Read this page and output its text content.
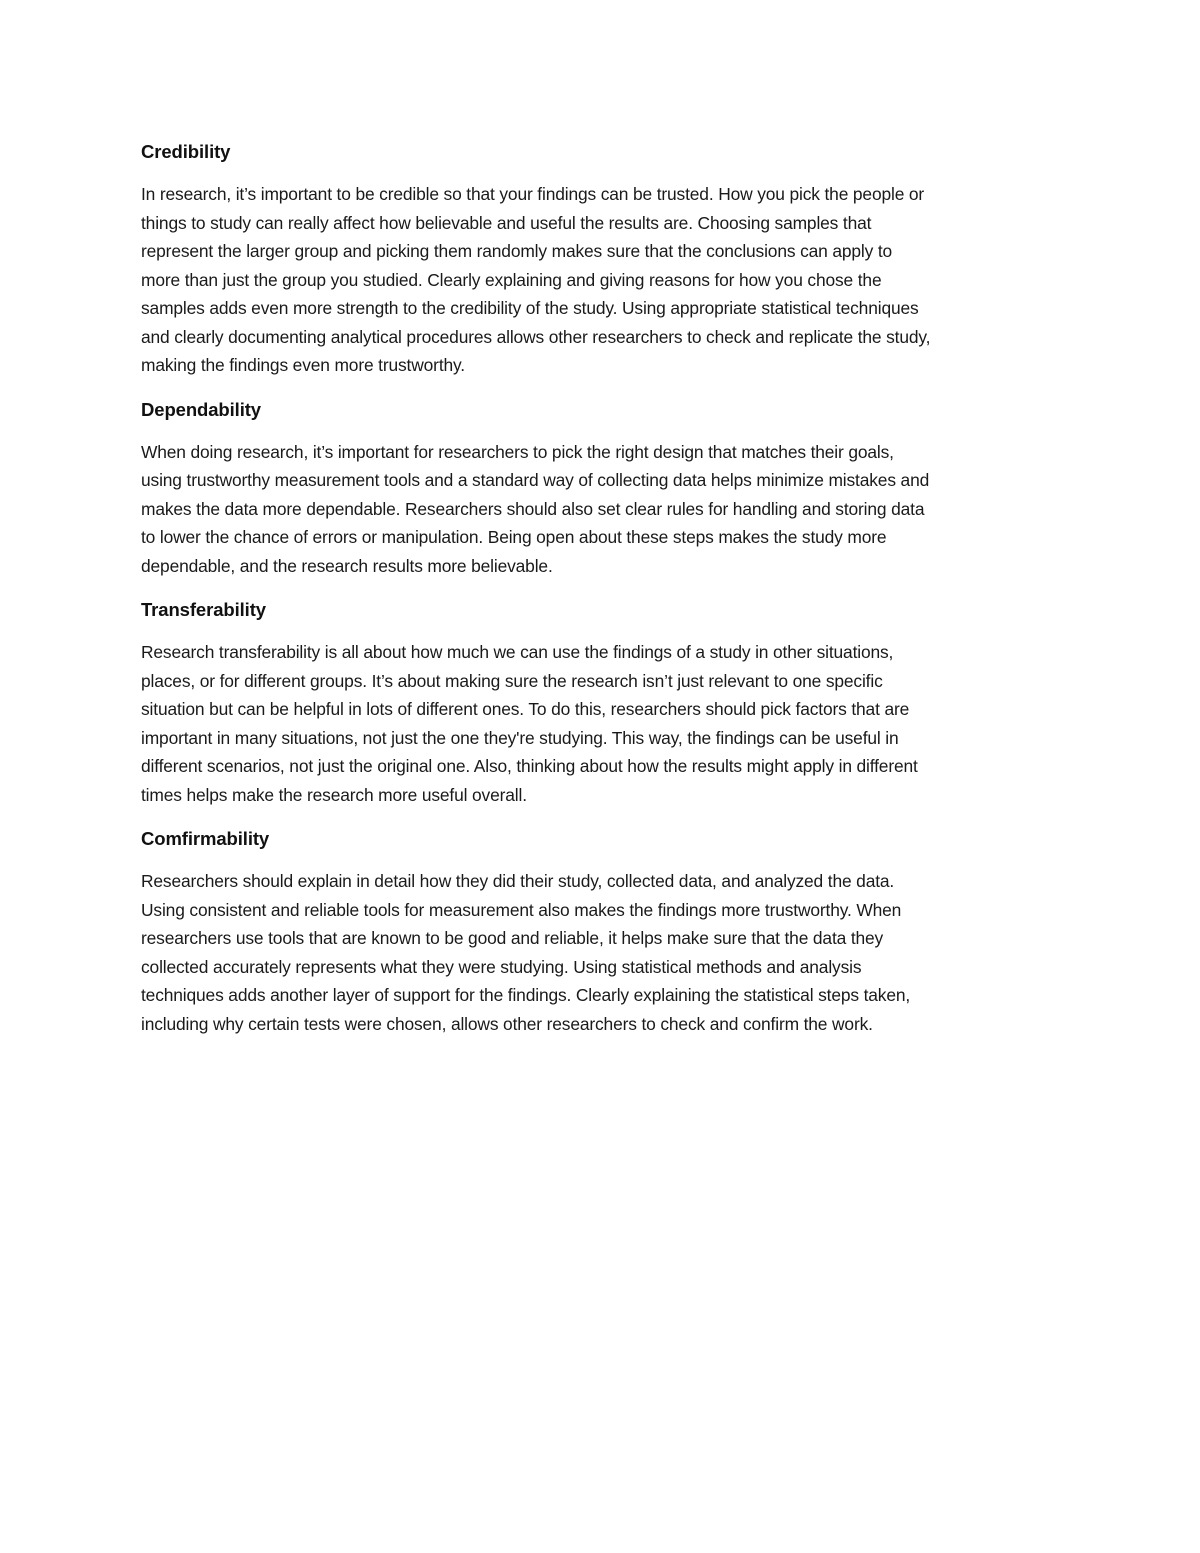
Credibility
In research, it’s important to be credible so that your findings can be trusted. How you pick the people or
things to study can really affect how believable and useful the results are. Choosing samples that
represent the larger group and picking them randomly makes sure that the conclusions can apply to
more than just the group you studied. Clearly explaining and giving reasons for how you chose the
samples adds even more strength to the credibility of the study. Using appropriate statistical techniques
and clearly documenting analytical procedures allows other researchers to check and replicate the study,
making the findings even more trustworthy.
Dependability
When doing research, it’s important for researchers to pick the right design that matches their goals,
using trustworthy measurement tools and a standard way of collecting data helps minimize mistakes and
makes the data more dependable. Researchers should also set clear rules for handling and storing data
to lower the chance of errors or manipulation. Being open about these steps makes the study more
dependable, and the research results more believable.
Transferability
Research transferability is all about how much we can use the findings of a study in other situations,
places, or for different groups. It’s about making sure the research isn’t just relevant to one specific
situation but can be helpful in lots of different ones. To do this, researchers should pick factors that are
important in many situations, not just the one they're studying. This way, the findings can be useful in
different scenarios, not just the original one. Also, thinking about how the results might apply in different
times helps make the research more useful overall.
Comfirmability
Researchers should explain in detail how they did their study, collected data, and analyzed the data.
Using consistent and reliable tools for measurement also makes the findings more trustworthy. When
researchers use tools that are known to be good and reliable, it helps make sure that the data they
collected accurately represents what they were studying. Using statistical methods and analysis
techniques adds another layer of support for the findings. Clearly explaining the statistical steps taken,
including why certain tests were chosen, allows other researchers to check and confirm the work.
